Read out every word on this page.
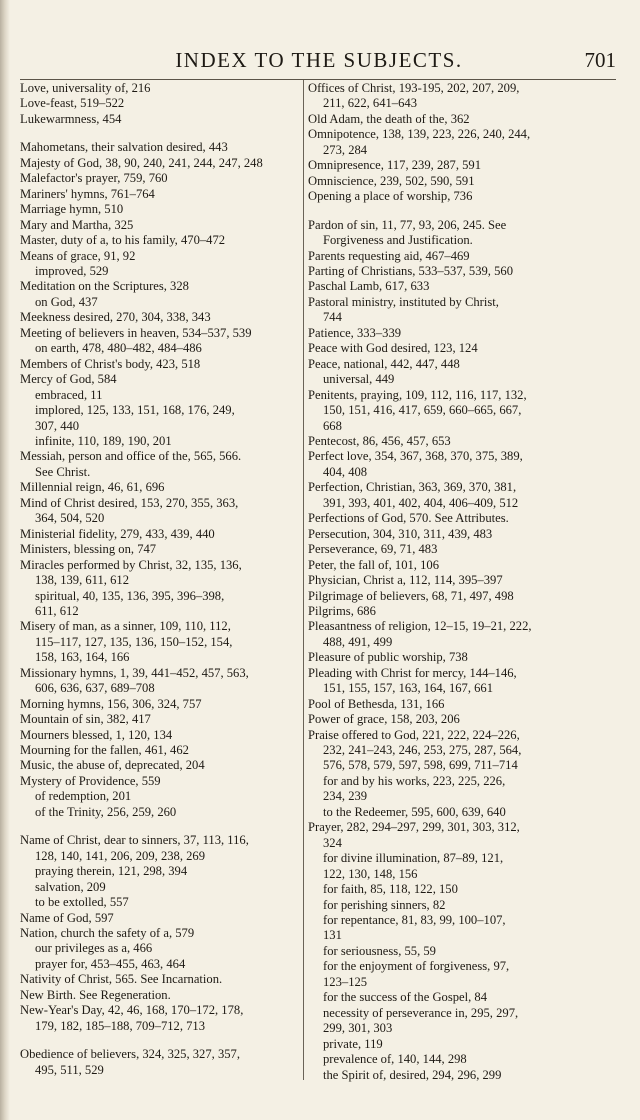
INDEX TO THE SUBJECTS.	701
Love, universality of, 216
Love-feast, 519–522
Lukewarmness, 454
Mahometans, their salvation desired, 443
Majesty of God, 38, 90, 240, 241, 244, 247, 248
Malefactor's prayer, 759, 760
Mariners' hymns, 761–764
Marriage hymn, 510
Mary and Martha, 325
Master, duty of a, to his family, 470–472
Means of grace, 91, 92
improved, 529
Meditation on the Scriptures, 328
on God, 437
Meekness desired, 270, 304, 338, 343
Meeting of believers in heaven, 534–537, 539
on earth, 478, 480–482, 484–486
Members of Christ's body, 423, 518
Mercy of God, 584
embraced, 11
implored, 125, 133, 151, 168, 176, 249,
307, 440
infinite, 110, 189, 190, 201
Messiah, person and office of the, 565, 566.
See Christ.
Millennial reign, 46, 61, 696
Mind of Christ desired, 153, 270, 355, 363,
364, 504, 520
Ministerial fidelity, 279, 433, 439, 440
Ministers, blessing on, 747
Miracles performed by Christ, 32, 135, 136,
138, 139, 611, 612
spiritual, 40, 135, 136, 395, 396–398,
611, 612
Misery of man, as a sinner, 109, 110, 112,
115–117, 127, 135, 136, 150–152, 154,
158, 163, 164, 166
Missionary hymns, 1, 39, 441–452, 457, 563,
606, 636, 637, 689–708
Morning hymns, 156, 306, 324, 757
Mountain of sin, 382, 417
Mourners blessed, 1, 120, 134
Mourning for the fallen, 461, 462
Music, the abuse of, deprecated, 204
Mystery of Providence, 559
of redemption, 201
of the Trinity, 256, 259, 260
Name of Christ, dear to sinners, 37, 113, 116,
128, 140, 141, 206, 209, 238, 269
praying therein, 121, 298, 394
salvation, 209
to be extolled, 557
Name of God, 597
Nation, church the safety of a, 579
our privileges as a, 466
prayer for, 453–455, 463, 464
Nativity of Christ, 565. See Incarnation.
New Birth. See Regeneration.
New-Year's Day, 42, 46, 168, 170–172, 178,
179, 182, 185–188, 709–712, 713
Obedience of believers, 324, 325, 327, 357,
495, 511, 529
Offices of Christ, 193-195, 202, 207, 209,
211, 622, 641–643
Old Adam, the death of the, 362
Omnipotence, 138, 139, 223, 226, 240, 244,
273, 284
Omnipresence, 117, 239, 287, 591
Omniscience, 239, 502, 590, 591
Opening a place of worship, 736
Pardon of sin, 11, 77, 93, 206, 245. See
Forgiveness and Justification.
Parents requesting aid, 467–469
Parting of Christians, 533–537, 539, 560
Paschal Lamb, 617, 633
Pastoral ministry, instituted by Christ,
744
Patience, 333–339
Peace with God desired, 123, 124
Peace, national, 442, 447, 448
universal, 449
Penitents, praying, 109, 112, 116, 117, 132,
150, 151, 416, 417, 659, 660–665, 667,
668
Pentecost, 86, 456, 457, 653
Perfect love, 354, 367, 368, 370, 375, 389,
404, 408
Perfection, Christian, 363, 369, 370, 381,
391, 393, 401, 402, 404, 406–409, 512
Perfections of God, 570. See Attributes.
Persecution, 304, 310, 311, 439, 483
Perseverance, 69, 71, 483
Peter, the fall of, 101, 106
Physician, Christ a, 112, 114, 395–397
Pilgrimage of believers, 68, 71, 497, 498
Pilgrims, 686
Pleasantness of religion, 12–15, 19–21, 222,
488, 491, 499
Pleasure of public worship, 738
Pleading with Christ for mercy, 144–146,
151, 155, 157, 163, 164, 167, 661
Pool of Bethesda, 131, 166
Power of grace, 158, 203, 206
Praise offered to God, 221, 222, 224–226,
232, 241–243, 246, 253, 275, 287, 564,
576, 578, 579, 597, 598, 699, 711–714
for and by his works, 223, 225, 226,
234, 239
to the Redeemer, 595, 600, 639, 640
Prayer, 282, 294–297, 299, 301, 303, 312,
324
for divine illumination, 87–89, 121,
122, 130, 148, 156
for faith, 85, 118, 122, 150
for perishing sinners, 82
for repentance, 81, 83, 99, 100–107,
131
for seriousness, 55, 59
for the enjoyment of forgiveness, 97,
123–125
for the success of the Gospel, 84
necessity of perseverance in, 295, 297,
299, 301, 303
private, 119
prevalence of, 140, 144, 298
the Spirit of, desired, 294, 296, 299
